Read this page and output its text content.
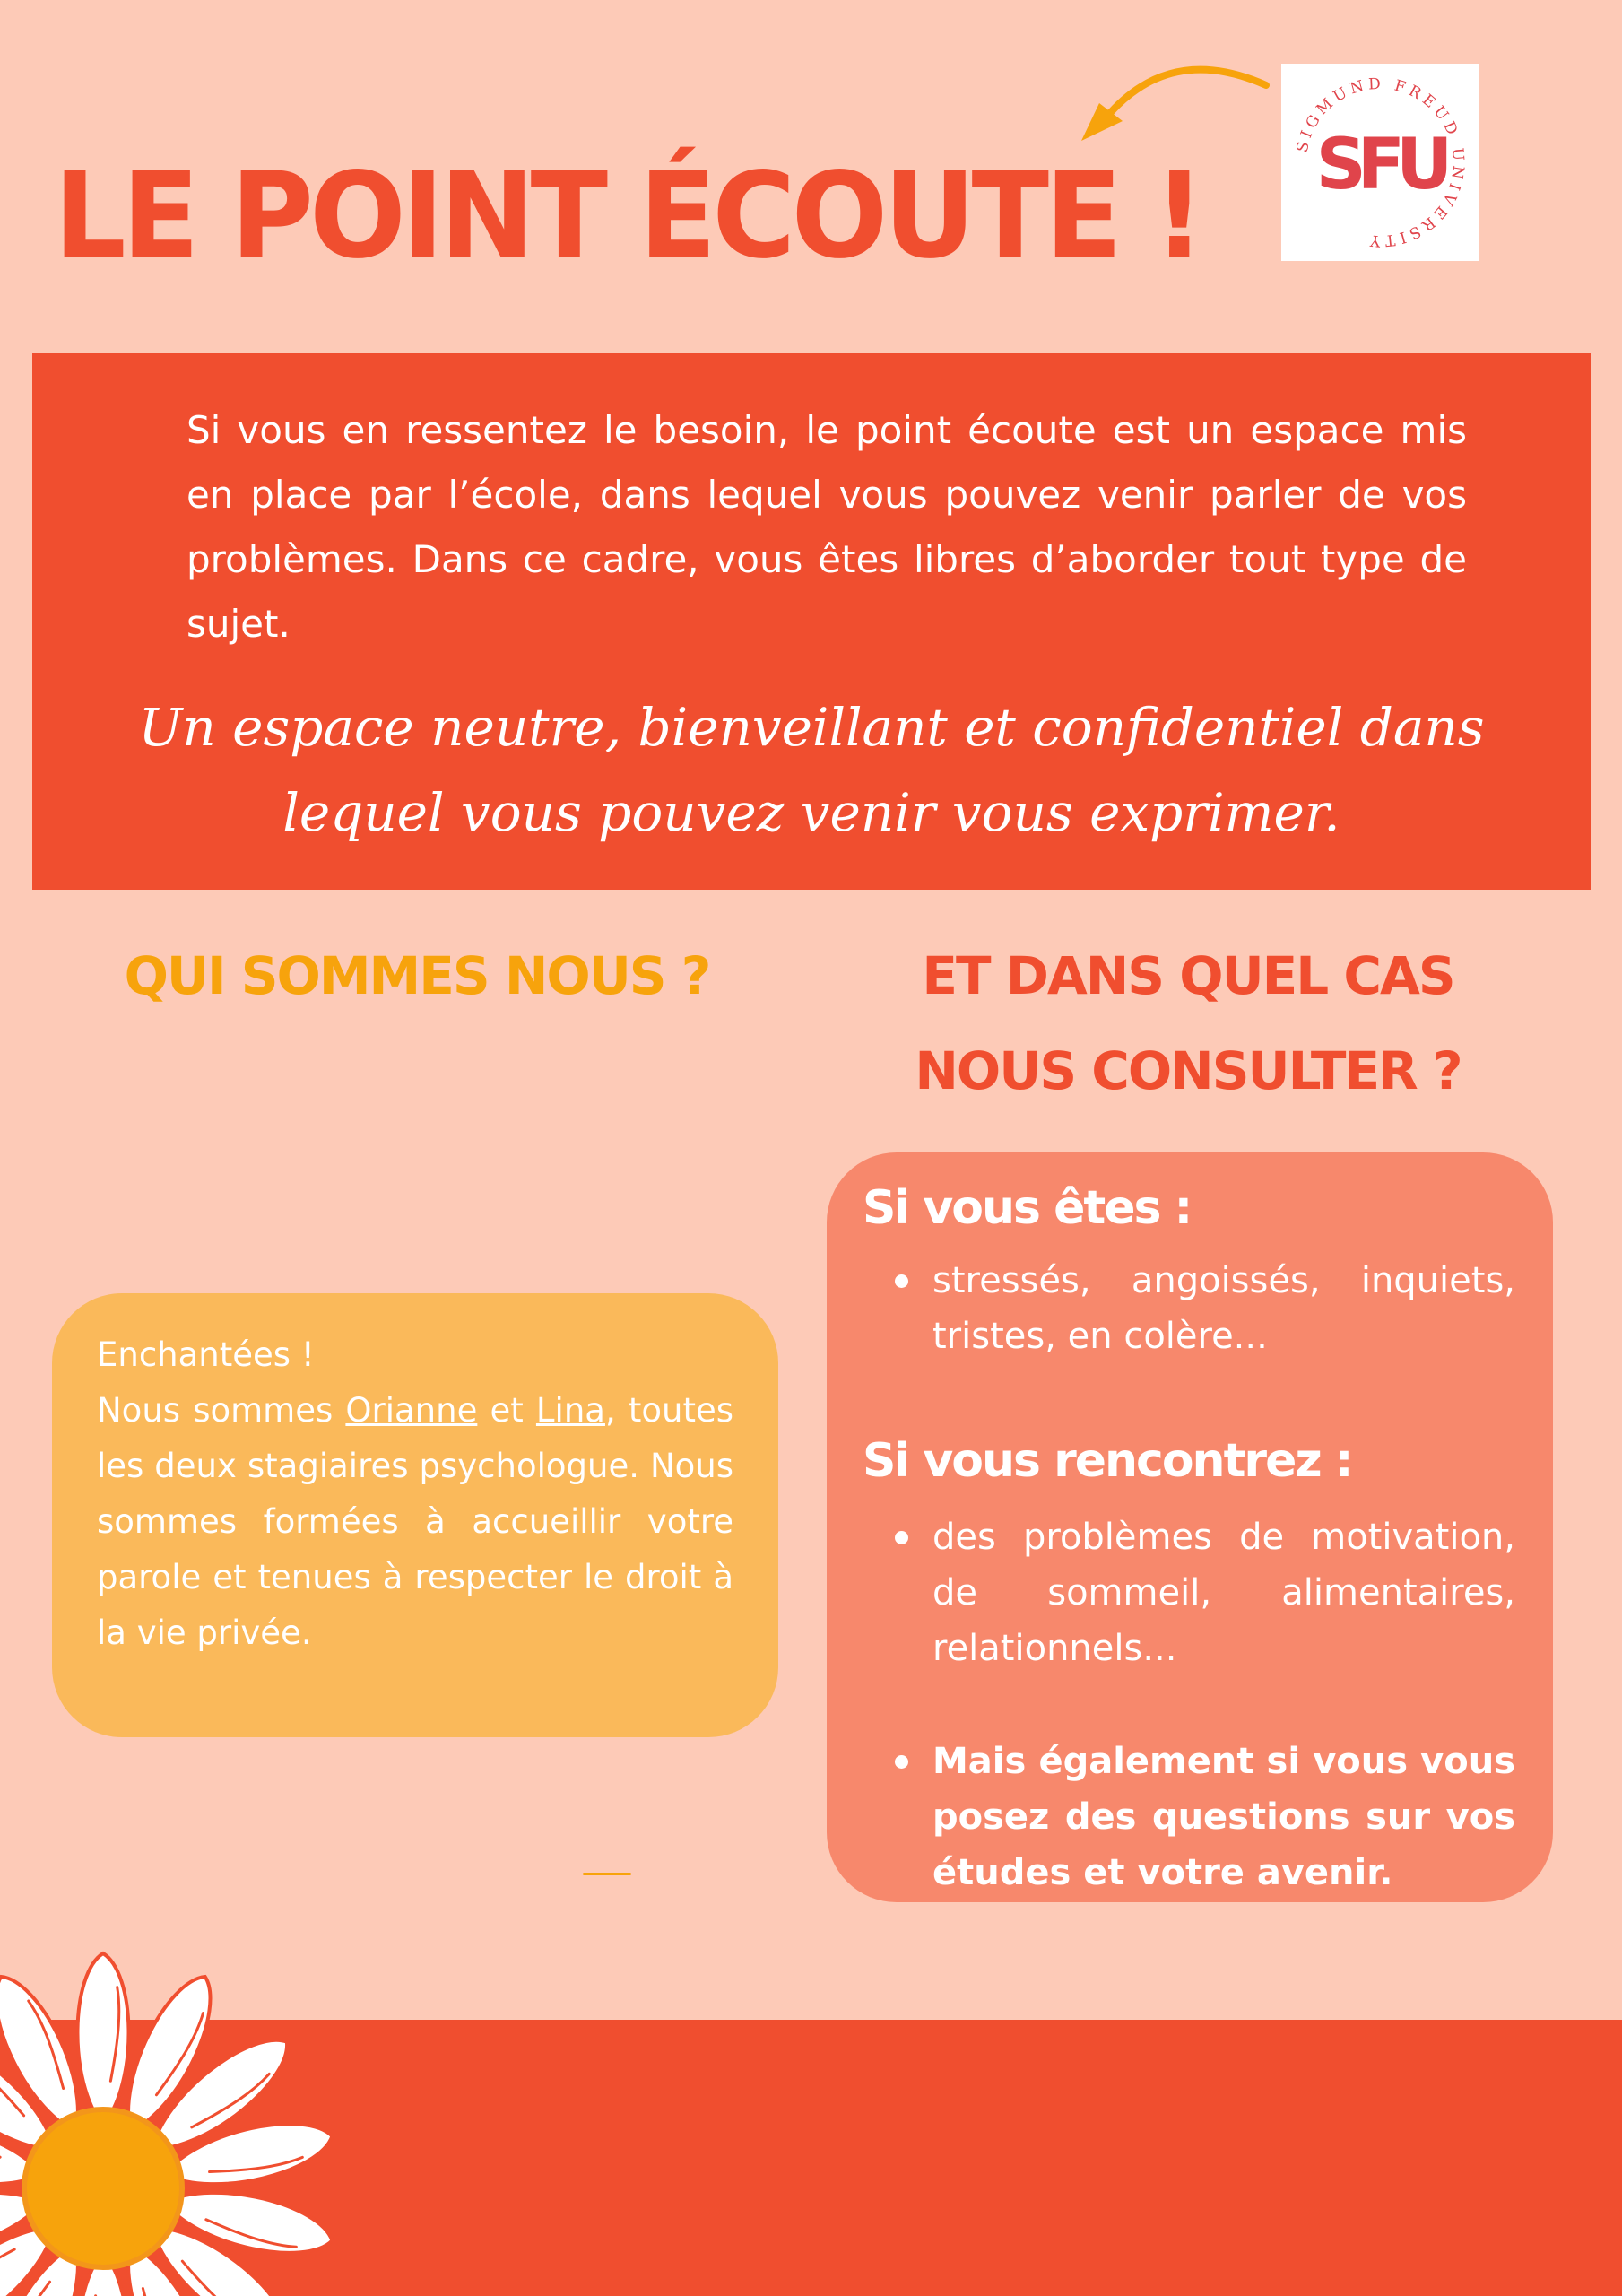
LE POINT ÉCOUTE !
SIGMUND FREUD UNIVERSITY
SFU

Si vous en ressentez le besoin, le point écoute est un espace mis en place par l’école, dans lequel vous pouvez venir parler de vos problèmes. Dans ce cadre, vous êtes libres d’aborder tout type de sujet.

Un espace neutre, bienveillant et confidentiel dans lequel vous pouvez venir vous exprimer.

QUI SOMMES NOUS ?	ET DANS QUEL CAS NOUS CONSULTER ?

Enchantées !

Nous sommes Orianne et Lina, toutes les deux stagiaires psychologue. Nous sommes formées à accueillir votre parole et tenues à respecter le droit à la vie privée.

Si vous êtes :
stressés, angoissés, inquiets, tristes, en colère...
Si vous rencontrez :
des problèmes de motivation, de sommeil, alimentaires, relationnels...
Mais également si vous vous posez des questions sur vos études et votre avenir.
